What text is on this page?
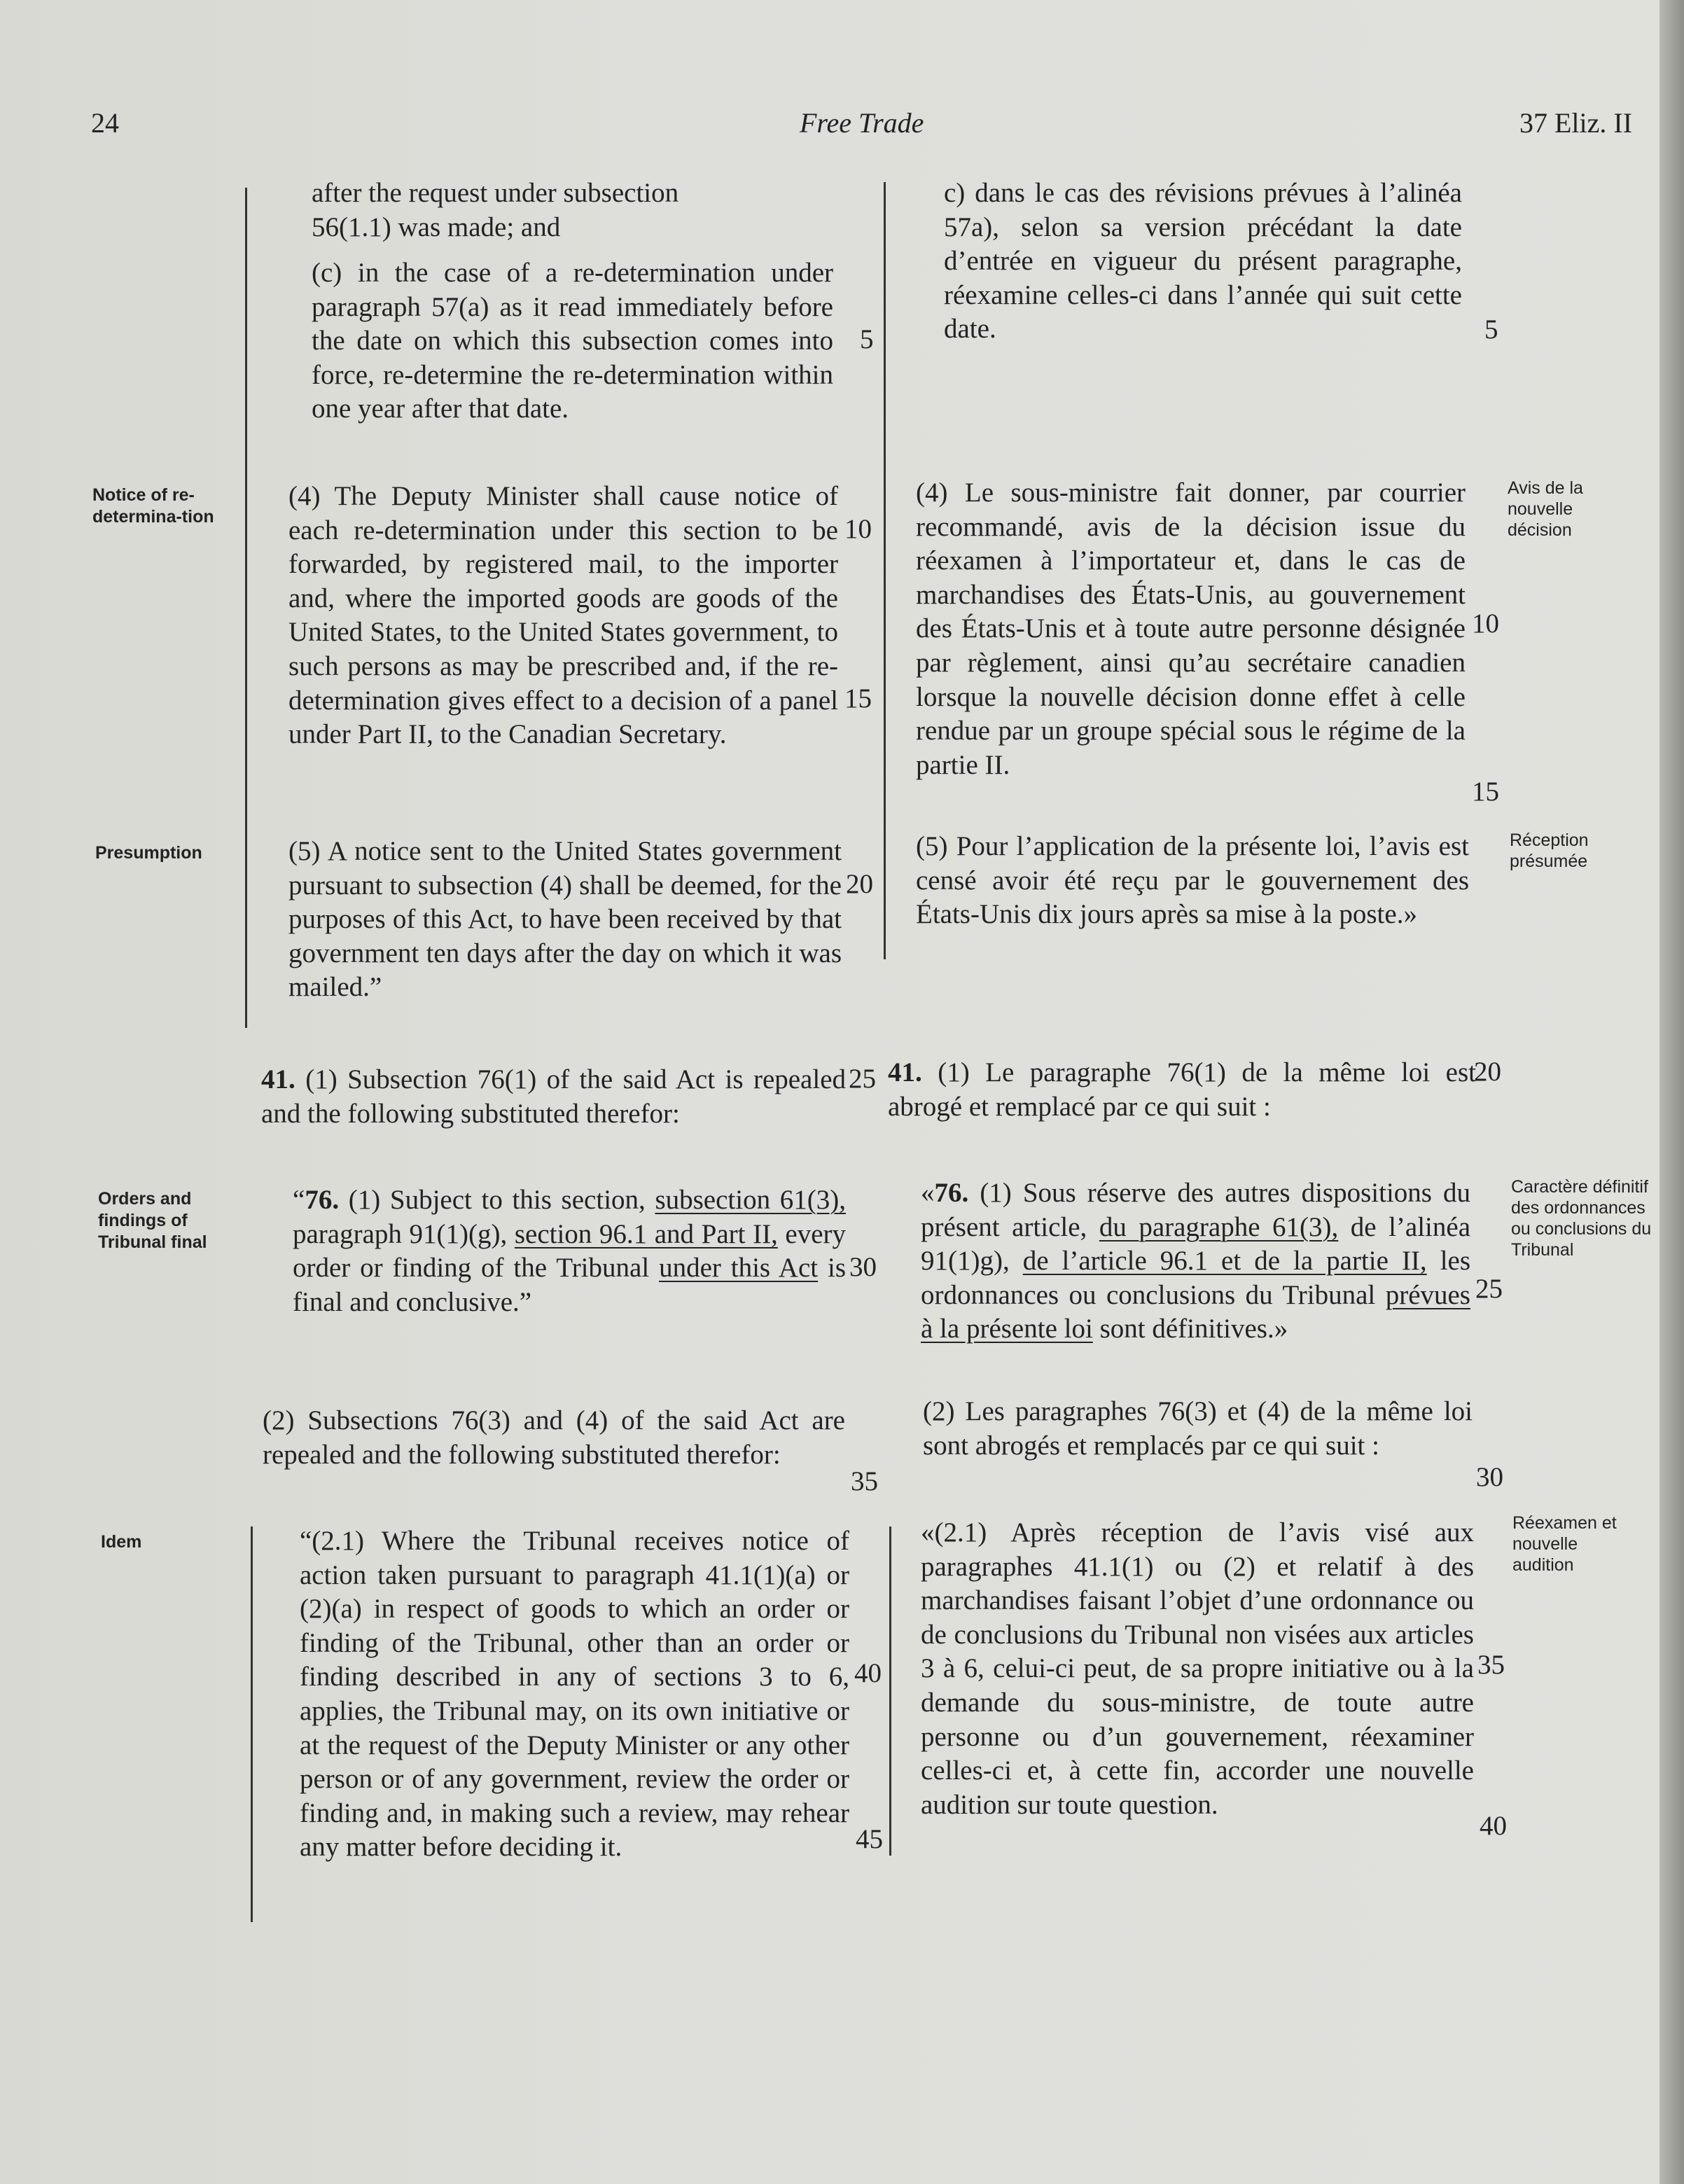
24	Free Trade	37 Eliz. II
Notice of re-determina-tion
Presumption
Orders and findings of Tribunal final
Idem
Avis de la nouvelle décision
Réception présumée
Caractère définitif des ordonnances ou conclusions du Tribunal
Réexamen et nouvelle audition
after the request under subsection
56(1.1) was made; and
(c) in the case of a re-determination under paragraph 57(a) as it read immediately before the date on which this subsection comes into force, re-determine the re-determination within one year after that date.
(4) The Deputy Minister shall cause notice of each re-determination under this section to be forwarded, by registered mail, to the importer and, where the imported goods are goods of the United States, to the United States government, to such persons as may be prescribed and, if the re-determination gives effect to a decision of a panel under Part II, to the Canadian Secretary.
(5) A notice sent to the United States government pursuant to subsection (4) shall be deemed, for the purposes of this Act, to have been received by that government ten days after the day on which it was mailed.”
41. (1) Subsection 76(1) of the said Act is repealed and the following substituted therefor:
“76. (1) Subject to this section, subsection 61(3), paragraph 91(1)(g), section 96.1 and Part II, every order or finding of the Tribunal under this Act is final and conclusive.”
(2) Subsections 76(3) and (4) of the said Act are repealed and the following substituted therefor:
“(2.1) Where the Tribunal receives notice of action taken pursuant to paragraph 41.1(1)(a) or (2)(a) in respect of goods to which an order or finding of the Tribunal, other than an order or finding described in any of sections 3 to 6, applies, the Tribunal may, on its own initiative or at the request of the Deputy Minister or any other person or of any government, review the order or finding and, in making such a review, may rehear any matter before deciding it.
c) dans le cas des révisions prévues à l’alinéa 57a), selon sa version précédant la date d’entrée en vigueur du présent paragraphe, réexamine celles-ci dans l’année qui suit cette date.
(4) Le sous-ministre fait donner, par courrier recommandé, avis de la décision issue du réexamen à l’importateur et, dans le cas de marchandises des États-Unis, au gouvernement des États-Unis et à toute autre personne désignée par règlement, ainsi qu’au secrétaire canadien lorsque la nouvelle décision donne effet à celle rendue par un groupe spécial sous le régime de la partie II.
(5) Pour l’application de la présente loi, l’avis est censé avoir été reçu par le gouvernement des États-Unis dix jours après sa mise à la poste.»
41. (1) Le paragraphe 76(1) de la même loi est abrogé et remplacé par ce qui suit :
«76. (1) Sous réserve des autres dispositions du présent article, du paragraphe 61(3), de l’alinéa 91(1)g), de l’article 96.1 et de la partie II, les ordonnances ou conclusions du Tribunal prévues à la présente loi sont définitives.»
(2) Les paragraphes 76(3) et (4) de la même loi sont abrogés et remplacés par ce qui suit :
«(2.1) Après réception de l’avis visé aux paragraphes 41.1(1) ou (2) et relatif à des marchandises faisant l’objet d’une ordonnance ou de conclusions du Tribunal non visées aux articles 3 à 6, celui-ci peut, de sa propre initiative ou à la demande du sous-ministre, de toute autre personne ou d’un gouvernement, réexaminer celles-ci et, à cette fin, accorder une nouvelle audition sur toute question.
5
10
15
20
25
30
35
40
45
5
10
15
20
25
30
35
40
